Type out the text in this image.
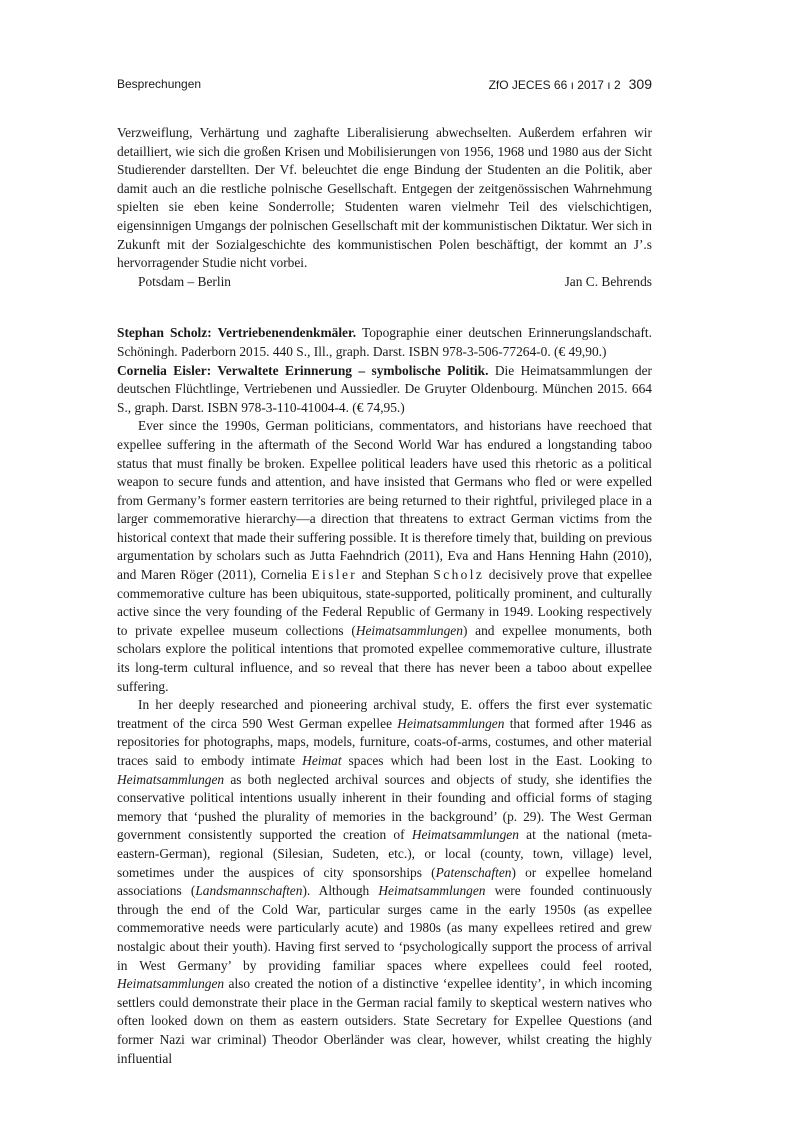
Besprechungen	ZfO JECES 66 ı 2017 ı 2 309

Verzweiflung, Verhärtung und zaghafte Liberalisierung abwechselten. Außerdem erfahren wir detailliert, wie sich die großen Krisen und Mobilisierungen von 1956, 1968 und 1980 aus der Sicht Studierender darstellten. Der Vf. beleuchtet die enge Bindung der Studenten an die Politik, aber damit auch an die restliche polnische Gesellschaft. Entgegen der zeitgenössischen Wahrnehmung spielten sie eben keine Sonderrolle; Studenten waren vielmehr Teil des vielschichtigen, eigensinnigen Umgangs der polnischen Gesellschaft mit der kommunistischen Diktatur. Wer sich in Zukunft mit der Sozialgeschichte des kommunistischen Polen beschäftigt, der kommt an J’.s hervorragender Studie nicht vorbei.

Potsdam – Berlin	Jan C. Behrends

Stephan Scholz: Vertriebenendenkmäler. Topographie einer deutschen Erinnerungslandschaft. Schöningh. Paderborn 2015. 440 S., Ill., graph. Darst. ISBN 978-3-506-77264-0. (€ 49,90.)

Cornelia Eisler: Verwaltete Erinnerung – symbolische Politik. Die Heimatsammlungen der deutschen Flüchtlinge, Vertriebenen und Aussiedler. De Gruyter Oldenbourg. München 2015. 664 S., graph. Darst. ISBN 978-3-110-41004-4. (€ 74,95.)

Ever since the 1990s, German politicians, commentators, and historians have reechoed that expellee suffering in the aftermath of the Second World War has endured a longstanding taboo status that must finally be broken. Expellee political leaders have used this rhetoric as a political weapon to secure funds and attention, and have insisted that Germans who fled or were expelled from Germany’s former eastern territories are being returned to their rightful, privileged place in a larger commemorative hierarchy—a direction that threatens to extract German victims from the historical context that made their suffering possible. It is therefore timely that, building on previous argumentation by scholars such as Jutta Faehndrich (2011), Eva and Hans Henning Hahn (2010), and Maren Röger (2011), Cornelia Eisler and Stephan Scholz decisively prove that expellee commemorative culture has been ubiquitous, state-supported, politically prominent, and culturally active since the very founding of the Federal Republic of Germany in 1949. Looking respectively to private expellee museum collections (Heimatsammlungen) and expellee monuments, both scholars explore the political intentions that promoted expellee commemorative culture, illustrate its long-term cultural influence, and so reveal that there has never been a taboo about expellee suffering.

In her deeply researched and pioneering archival study, E. offers the first ever systematic treatment of the circa 590 West German expellee Heimatsammlungen that formed after 1946 as repositories for photographs, maps, models, furniture, coats-of-arms, costumes, and other material traces said to embody intimate Heimat spaces which had been lost in the East. Looking to Heimatsammlungen as both neglected archival sources and objects of study, she identifies the conservative political intentions usually inherent in their founding and official forms of staging memory that ‘pushed the plurality of memories in the background’ (p. 29). The West German government consistently supported the creation of Heimatsammlungen at the national (meta-eastern-German), regional (Silesian, Sudeten, etc.), or local (county, town, village) level, sometimes under the auspices of city sponsorships (Patenschaften) or expellee homeland associations (Landsmannschaften). Although Heimatsammlungen were founded continuously through the end of the Cold War, particular surges came in the early 1950s (as expellee commemorative needs were particularly acute) and 1980s (as many expellees retired and grew nostalgic about their youth). Having first served to ‘psychologically support the process of arrival in West Germany’ by providing familiar spaces where expellees could feel rooted, Heimatsammlungen also created the notion of a distinctive ‘expellee identity’, in which incoming settlers could demonstrate their place in the German racial family to skeptical western natives who often looked down on them as eastern outsiders. State Secretary for Expellee Questions (and former Nazi war criminal) Theodor Oberländer was clear, however, whilst creating the highly influential
